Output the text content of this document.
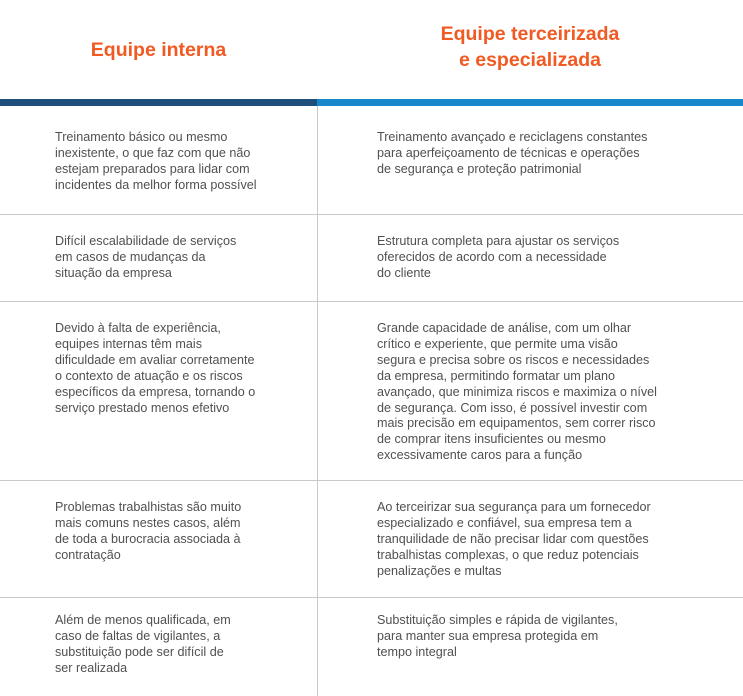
Equipe interna
Equipe terceirizada
e especializada
Treinamento básico ou mesmo
inexistente, o que faz com que não
estejam preparados para lidar com
incidentes da melhor forma possível
Treinamento avançado e reciclagens constantes
para aperfeiçoamento de técnicas e operações
de segurança e proteção patrimonial
Difícil escalabilidade de serviços
em casos de mudanças da
situação da empresa
Estrutura completa para ajustar os serviços
oferecidos de acordo com a necessidade
do cliente
Devido à falta de experiência,
equipes internas têm mais
dificuldade em avaliar corretamente
o contexto de atuação e os riscos
específicos da empresa, tornando o
serviço prestado menos efetivo
Grande capacidade de análise, com um olhar
crítico e experiente, que permite uma visão
segura e precisa sobre os riscos e necessidades
da empresa, permitindo formatar um plano
avançado, que minimiza riscos e maximiza o nível
de segurança. Com isso, é possível investir com
mais precisão em equipamentos, sem correr risco
de comprar itens insuficientes ou mesmo
excessivamente caros para a função
Problemas trabalhistas são muito
mais comuns nestes casos, além
de toda a burocracia associada à
contratação
Ao terceirizar sua segurança para um fornecedor
especializado e confiável, sua empresa tem a
tranquilidade de não precisar lidar com questões
trabalhistas complexas, o que reduz potenciais
penalizações e multas
Além de menos qualificada, em
caso de faltas de vigilantes, a
substituição pode ser difícil de
ser realizada
Substituição simples e rápida de vigilantes,
para manter sua empresa protegida em
tempo integral
